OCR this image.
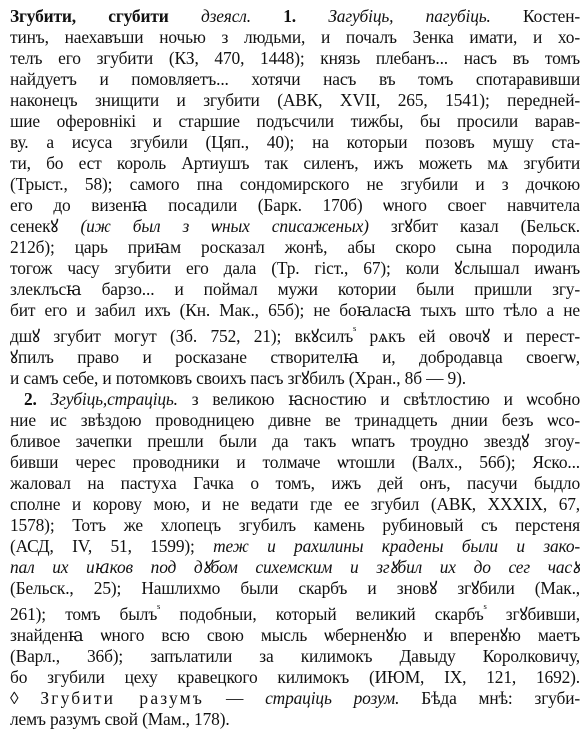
Згубити, сгубити дзеясл. 1. Загубіць, пагубіць. Костен-
тинъ, наехавъши ночью з людьми, и почалъ Зенка имати, и хо-
телъ его згубити (КЗ, 470, 1448); князь плебанъ... насъ въ томъ
найдуетъ и помовляетъ... хотячи насъ въ томъ спотаравивши
наконецъ знищити и згубити (АВК, XVII, 265, 1541); передней-
шие оферовнікі и старшие подъсчили тижбы, бы просили варав-
ву. а исуса згубили (Цяп., 40); на которыи позовъ мушу ста-
ти, бо ест король Артиушъ так силенъ, ижъ можеть мѧ згубити
(Трыст., 58); самого пна сондомирского не згубили и з дочкою
его до визенꙗ посадили (Барк. 170б) ѡного своег навчитела
сенекꙋ (иж был з ѡных списаженых) згꙋбит казал (Бельск.
212б); царь приꙗм росказал жонѣ, абы скоро сына породила
тогож часу згубити его дала (Тр. гіст., 67); коли ꙋслышал иѡанъ
злеклъсꙗ барзо... и поймал мужи котории были пришли згу-
бит его и забил ихъ (Кн. Мак., 65б); не боꙗласꙗ тыхъ што тѣло а не
дшꙋ згубит могут (Зб. 752, 21); вкꙋсилъ$^ˢ$ рѧкъ ей овочꙋ и перест-
ꙋпилъ право и росказане створителꙗ и, добродавца своегѡ,
и самъ себе, и потомковъ своихъ пасъ згꙋбилъ (Хран., 8б — 9).
2. Згубіць,страціць. з великою ꙗсностию и свѣтлостию и ѡсобно
ние ис звѣздою проводницею дивне ве тринадцеть днии безъ ѡсо-
бливое зачепки прешли были да такъ ѡпатъ троудно звездꙋ згоу-
бивши черес проводники и толмаче ѡтошли (Валх., 56б); Яско...
жаловал на пастуха Гачка о томъ, ижъ дей онъ, пасучи быдло
сполне и корову мою, и не ведати где ее згубил (АВК, XXXIX, 67,
1578); Тотъ же хлопецъ згубилъ камень рубиновый съ перстеня
(АСД, IV, 51, 1599); теж и рахилины крадены были и зако-
пал их иꙗков под дꙋбом сихемским и згꙋбил их до сег часꙋ
(Бельск., 25); Нашлихмо были скарбъ и зновꙋ згꙋбили (Мак.,
261); томъ былъ$^ˢ$ подобныи, который великий скарбъ$^ˢ$ згꙋбивши,
знайденꙗ ѡного всю свою мысль ѡберненꙋю и вперенꙋю маетъ
(Варл., 36б); запълатили за килимокъ Давыду Королковичу,
бо згубили цеху кравецкого килимокъ (ИЮМ, IX, 121, 1692).
◊ Згубити разумъ — страціць розум. Бѣда мнѣ: згуби-
лемъ разумъ свой (Мам., 178).
